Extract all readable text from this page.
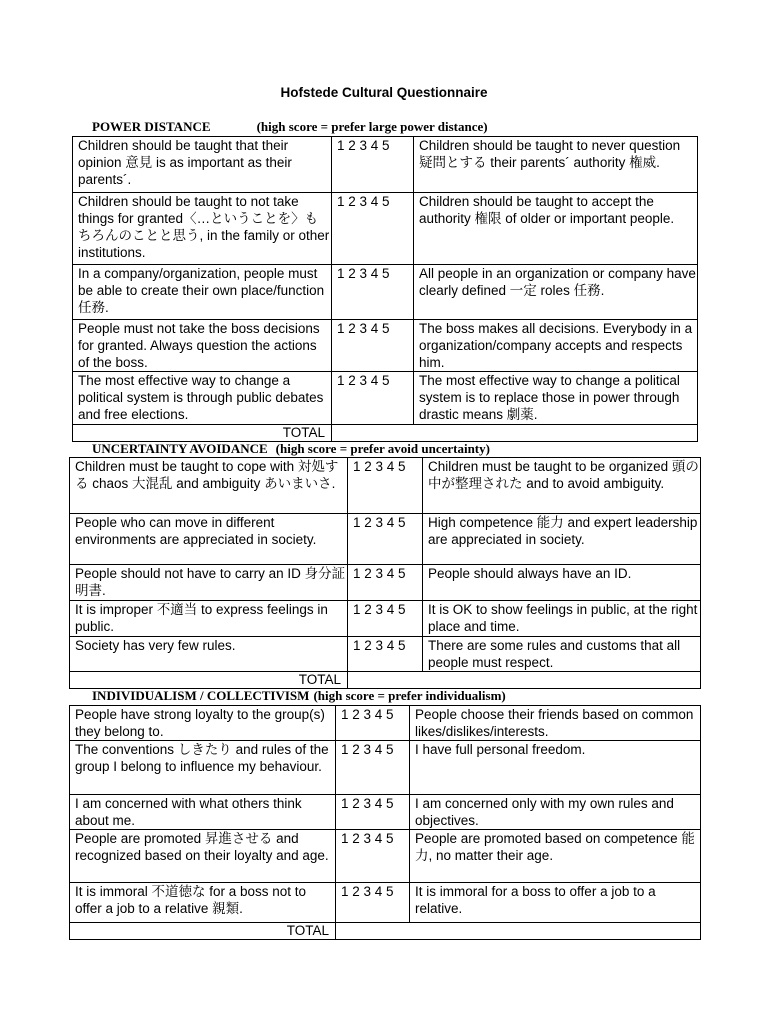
Hofstede Cultural Questionnaire
POWER DISTANCE	(high score = prefer large power distance)
Children should be taught that their opinion 意見 is as important as their parents´.	1 2 3 4 5	Children should be taught to never question 疑問とする their parents´ authority 権威.
Children should be taught to not take things for granted〈…ということを〉もちろんのことと思う, in the family or other institutions.	1 2 3 4 5	Children should be taught to accept the authority 権限 of older or important people.
In a company/organization, people must be able to create their own place/function 任務.	1 2 3 4 5	All people in an organization or company have clearly defined 一定 roles 任務.
People must not take the boss decisions for granted. Always question the actions of the boss.	1 2 3 4 5	The boss makes all decisions. Everybody in a organization/company accepts and respects him.
The most effective way to change a political system is through public debates and free elections.	1 2 3 4 5	The most effective way to change a political system is to replace those in power through drastic means 劇薬.
TOTAL		
UNCERTAINTY AVOIDANCE (high score = prefer avoid uncertainty)
Children must be taught to cope with 対処する chaos 大混乱 and ambiguity あいまいさ.	1 2 3 4 5	Children must be taught to be organized 頭の中が整理された and to avoid ambiguity.
People who can move in different environments are appreciated in society.	1 2 3 4 5	High competence 能力 and expert leadership are appreciated in society.
People should not have to carry an ID 身分証明書.	1 2 3 4 5	People should always have an ID.
It is improper 不適当 to express feelings in public.	1 2 3 4 5	It is OK to show feelings in public, at the right place and time.
Society has very few rules.	1 2 3 4 5	There are some rules and customs that all people must respect.
TOTAL		
INDIVIDUALISM / COLLECTIVISM (high score = prefer individualism)
People have strong loyalty to the group(s) they belong to.	1 2 3 4 5	People choose their friends based on common likes/dislikes/interests.
The conventions しきたり and rules of the group I belong to influence my behaviour.	1 2 3 4 5	I have full personal freedom.
I am concerned with what others think about me.	1 2 3 4 5	I am concerned only with my own rules and objectives.
People are promoted 昇進させる and recognized based on their loyalty and age.	1 2 3 4 5	People are promoted based on competence 能力, no matter their age.
It is immoral 不道徳な for a boss not to offer a job to a relative 親類.	1 2 3 4 5	It is immoral for a boss to offer a job to a relative.
TOTAL		
